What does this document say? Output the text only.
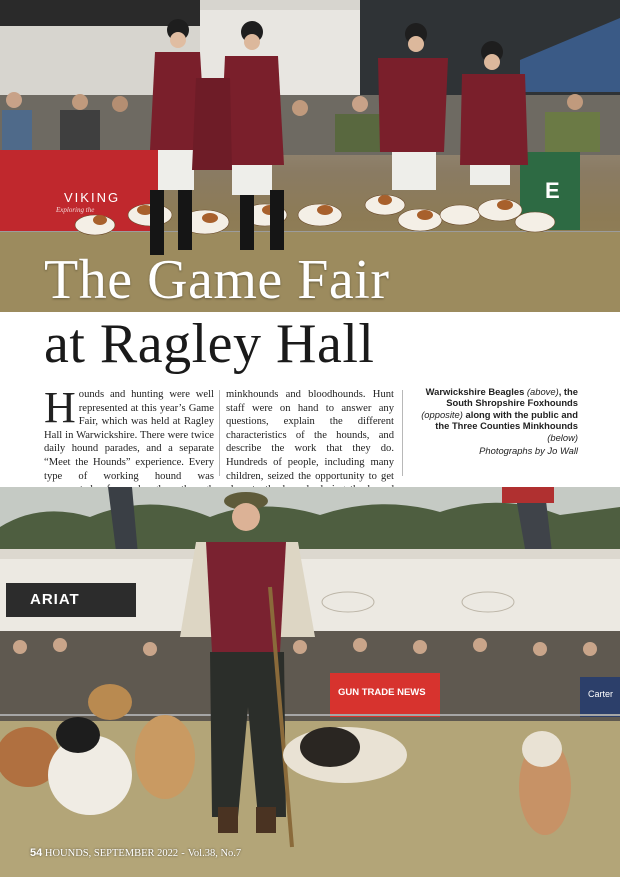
VIKING
Exploring the
E
The Game Fair
at Ragley Hall
Hounds and hunting were well represented at this year’s Game Fair, which was held at Ragley Hall in Warwickshire. There were twice daily hound parades, and a separate “Meet the Hounds” experience. Every type of working hound was
minkhounds and bloodhounds. Hunt staff were on hand to answer any questions, explain the different characteristics of the hounds, and describe the work that they do. Hundreds of people, including many children, seized the opportunity to get
Warwickshire Beagles (above), the South Shropshire Foxhounds (opposite) along with the public and the Three Counties Minkhounds (below)
Photographs by Jo Wall
ARIAT
GUN TRADE NEWS	Carter
54 HOUNDS, SEPTEMBER 2022 - Vol.38, No.7
